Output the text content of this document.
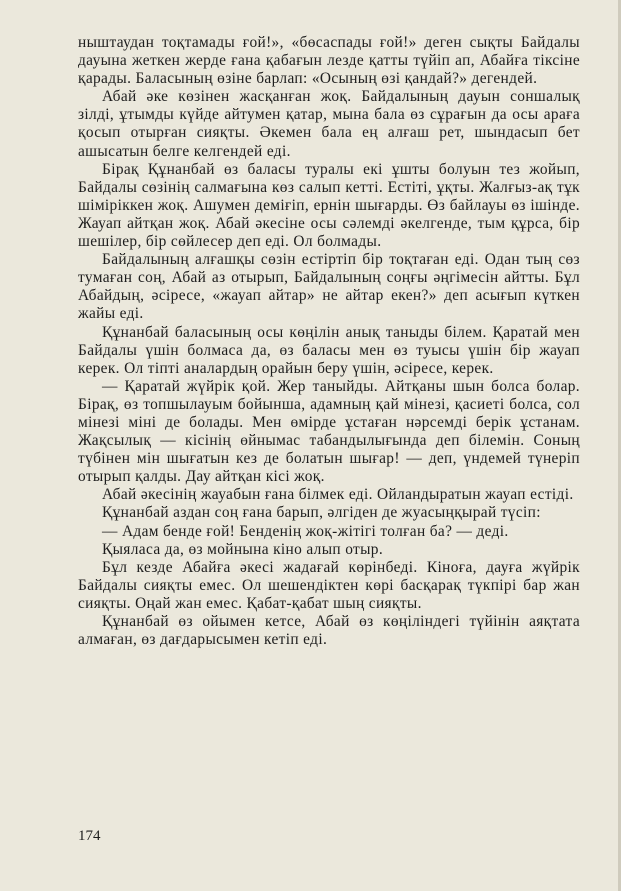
ныштаудан тоқтамады ғой!», «бөсаспады ғой!» деген сықты Байдалы дауына жеткен жерде ғана қабағын лезде қатты түйіп ап, Абайға тіксіне қарады. Баласының өзіне барлап: «Осының өзі қандай?» дегендей.

Абай әке көзінен жасқанған жоқ. Байдалының дауын соншалық зілді, ұтымды күйде айтумен қатар, мына бала өз сұрағын да осы араға қосып отырған сияқты. Әкемен бала ең алғаш рет, шындасып бет ашысатын белге келгендей еді.

Бірақ Құнанбай өз баласы туралы екі ұшты болуын тез жойып, Байдалы сөзінің салмағына көз салып кетті. Естіті, ұқты. Жалғыз-ақ тұк шіміріккен жоқ. Ашумен деміғіп, ернін шығарды. Өз байлауы өз ішінде. Жауап айтқан жоқ. Абай әкесіне осы сәлемді әкелгенде, тым құрса, бір шешілер, бір сөйлесер деп еді. Ол болмады.

Байдалының алғашқы сөзін естіртіп бір тоқтаған еді. Одан тың сөз тумаған соң, Абай аз отырып, Байдалының соңғы әңгімесін айтты. Бұл Абайдың, әсіресе, «жауап айтар» не айтар екен?» деп асығып күткен жайы еді.

Құнанбай баласының осы көңілін анық таныды білем. Қаратай мен Байдалы үшін болмаса да, өз баласы мен өз туысы үшін бір жауап керек. Ол тіпті аналардың орайын беру үшін, әсіресе, керек.

— Қаратай жүйрік қой. Жер таныйды. Айтқаны шын болса болар. Бірақ, өз топшылауым бойынша, адамның қай мінезі, қасиеті болса, сол мінезі міні де болады. Мен өмірде ұстаған нәрсемді берік ұстанам. Жақсылық — кісінің өйнымас табандылығында деп білемін. Соның түбінен мін шығатын кез де болатын шығар! — деп, үндемей түнеріп отырып қалды. Дау айтқан кісі жоқ.

Абай әкесінің жауабын ғана білмек еді. Ойландыратын жауап естіді.

Құнанбай аздан соң ғана барып, әлгіден де жуасыңқырай түсіп:

— Адам бенде ғой! Бенденің жоқ-жітігі толған ба? — деді.

Қыяласа да, өз мойнына кіно алып отыр.

Бұл кезде Абайға әкесі жадағай көрінбеді. Кіноға, дауға жүйрік Байдалы сияқты емес. Ол шешендіктен көрі басқарақ түкпірі бар жан сияқты. Оңай жан емес. Қабат-қабат шың сияқты.

Құнанбай өз ойымен кетсе, Абай өз көңіліндегі түйінін аяқтата алмаған, өз дағдарысымен кетіп еді.

174
